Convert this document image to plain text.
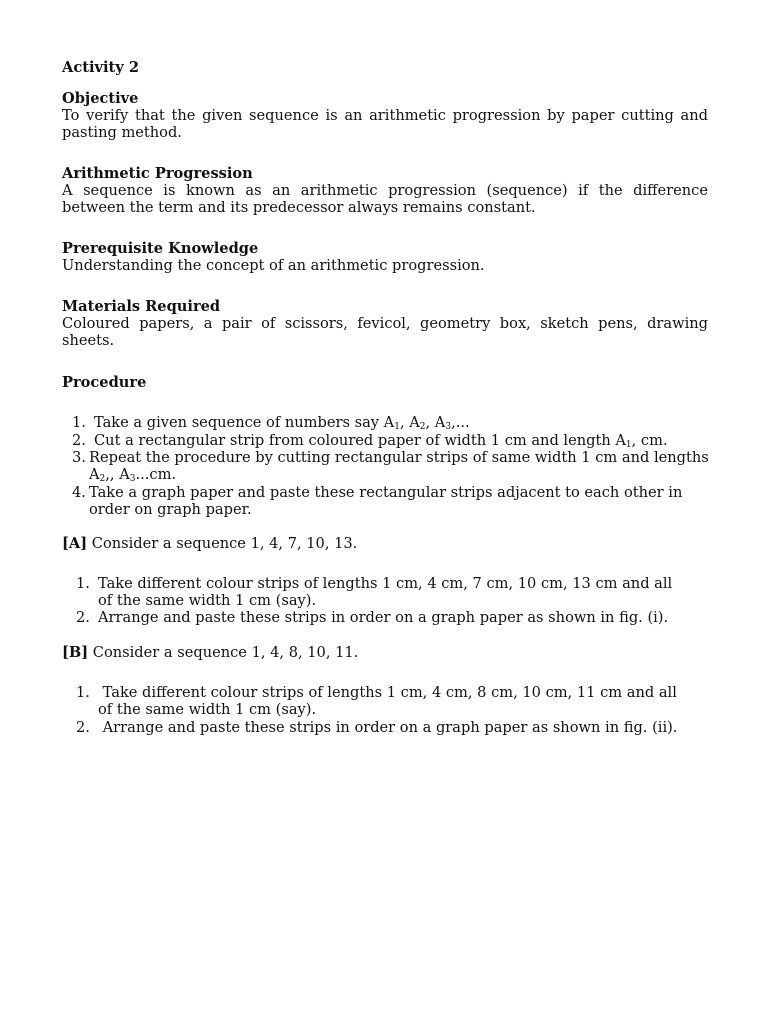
Activity 2
Objective
To verify that the given sequence is an arithmetic progression by paper cutting and pasting method.
Arithmetic Progression
A sequence is known as an arithmetic progression (sequence) if the difference between the term and its predecessor always remains constant.
Prerequisite Knowledge
Understanding the concept of an arithmetic progression.
Materials Required
Coloured papers, a pair of scissors, fevicol, geometry box, sketch pens, drawing sheets.
Procedure
1. Take a given sequence of numbers say $A_1$, $A_2$, $A_3$,...
2. Cut a rectangular strip from coloured paper of width 1 cm and length $A_1$, cm.
3. Repeat the procedure by cutting rectangular strips of same width 1 cm and lengths
$A_2$,, $A_3...cm$.
4. Take a graph paper and paste these rectangular strips adjacent to each other in
order on graph paper.
[A] Consider a sequence 1, 4, 7, 10, 13.
1. Take different colour strips of lengths 1 cm, 4 cm, 7 cm, 10 cm, 13 cm and all
of the same width 1 cm (say).
2. Arrange and paste these strips in order on a graph paper as shown in fig. (i).
[B] Consider a sequence 1, 4, 8, 10, 11.
1. Take different colour strips of lengths 1 cm, 4 cm, 8 cm, 10 cm, 11 cm and all
of the same width 1 cm (say).
2. Arrange and paste these strips in order on a graph paper as shown in fig. (ii).
